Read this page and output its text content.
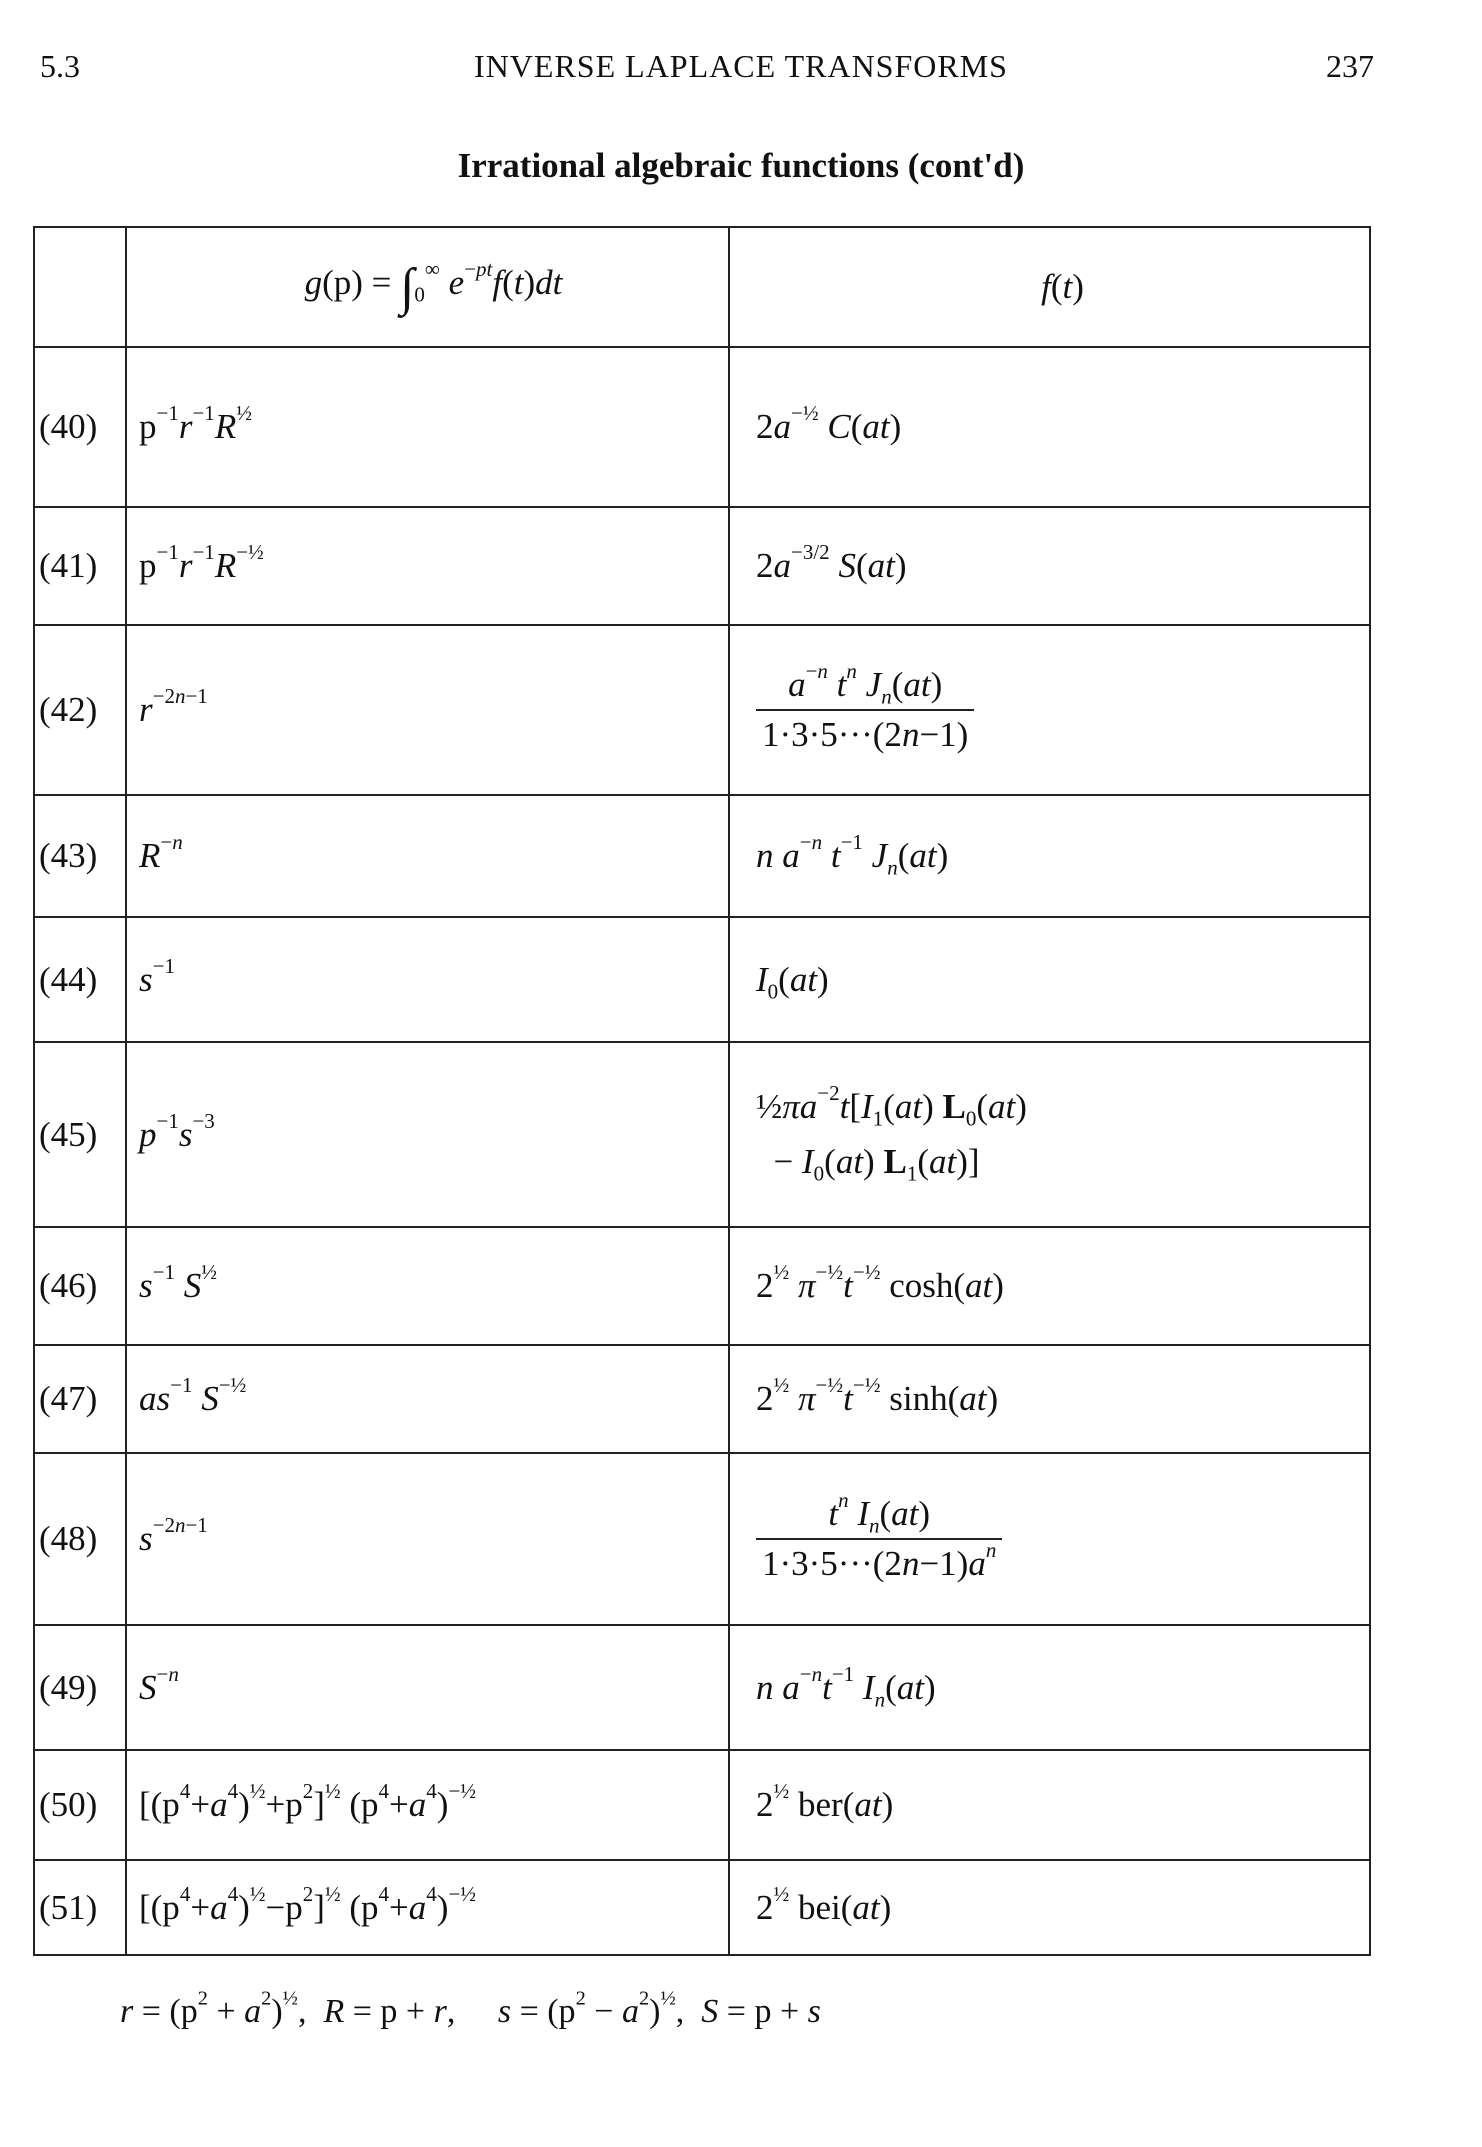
5.3	INVERSE LAPLACE TRANSFORMS	237
Irrational algebraic functions (cont'd)
	$g(p) = \int_0^\infty$ $e^{-pt}f(t)dt$	f(t)
(40)	$p^{-1}r^{-1}R^{\frac{1}{2}}$	$2a^{-\frac{1}{2}}$ C(at)
(41)	$p^{-1}r^{-1}R^{-\frac{1}{2}}$	$2a^{-3/2}$ S(at)
(42)	$r^{-2n-1}$	$\frac{a^{-n} t^n J_n(at)}{1\cdot 3\cdot 5\cdot\cdot\cdot(2n-1)}$

(43)	$R^{-n}$	n $a^{-n}$ $t^{-1}$ $J_n(at)$
(44)	$s^{-1}$	$I_0(at)$
(45)	$p^{-1}s^{-3}$	$\frac{1}{2}\pi a^{-2}t[I_1(at)$ $L_0(at)$
− $I_0(at)$ $L_1(at)$]
(46)	$s^{-1}$ $S^{\frac{1}{2}}$	$2^{\frac{1}{2}}$ $\pi^{-\frac{1}{2}}t^{-\frac{1}{2}}$ cosh(at)
(47)	$as^{-1}$ $S^{-\frac{1}{2}}$	$2^{\frac{1}{2}}$ $\pi^{-\frac{1}{2}}t^{-\frac{1}{2}}$ sinh(at)
(48)	$s^{-2n-1}$	$\frac{t^n I_n(at)}{1\cdot 3\cdot 5\cdot\cdot\cdot(2n-1)a^n}$

(49)	$S^{-n}$	n $a^{-n}t^{-1}$ $I_n(at)$
(50)	$[(p^4+a^4)^{\frac{1}{2}}+p^2]^{\frac{1}{2}}$ $(p^4+a^4)^{-\frac{1}{2}}$	$2^{\frac{1}{2}}$ ber(at)
(51)	$[(p^4+a^4)^{\frac{1}{2}}-p^2]^{\frac{1}{2}}$ $(p^4+a^4)^{-\frac{1}{2}}$	$2^{\frac{1}{2}}$ bei(at)
$r = (p^2 + a^2)^{\frac{1}{2}}$,  R = p + r,     $s = (p^2 - a^2)^{\frac{1}{2}}$,  S = p + s
